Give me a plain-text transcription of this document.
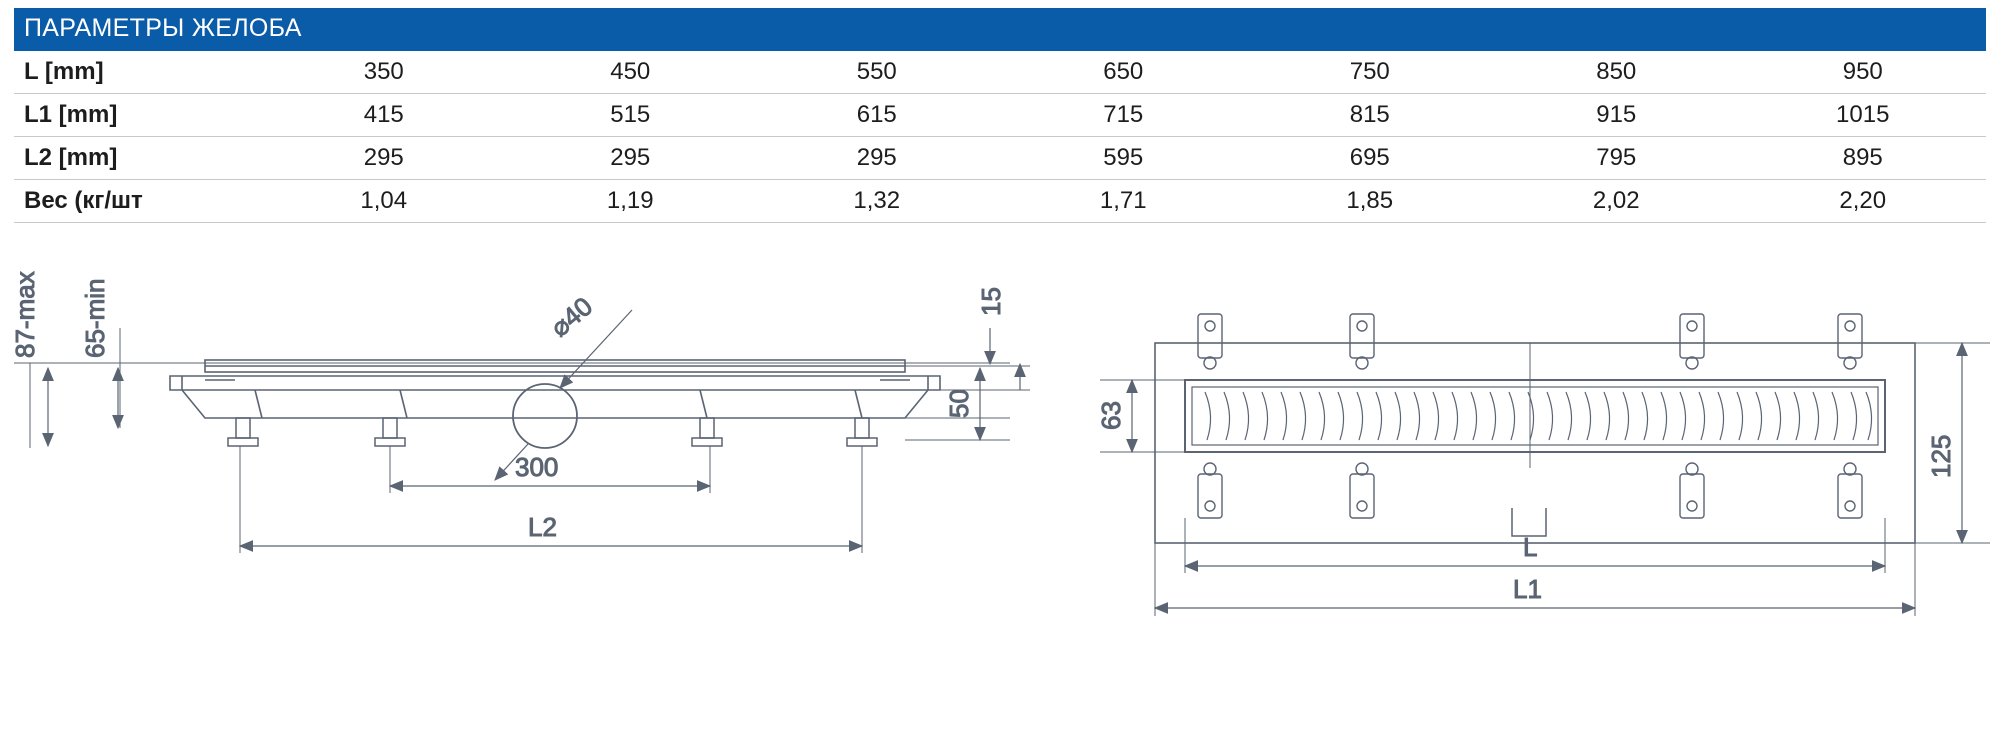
ПАРАМЕТРЫ ЖЕЛОБА							
L [mm]	350	450	550	650	750	850	950
L1 [mm]	415	515	615	715	815	915	1015
L2 [mm]	295	295	295	595	695	795	895
Вес (кг/шт	1,04	1,19	1,32	1,71	1,85	2,02	2,20
⌀40
87-max 65-min	15
50
300
L2
63
125
L
L1
